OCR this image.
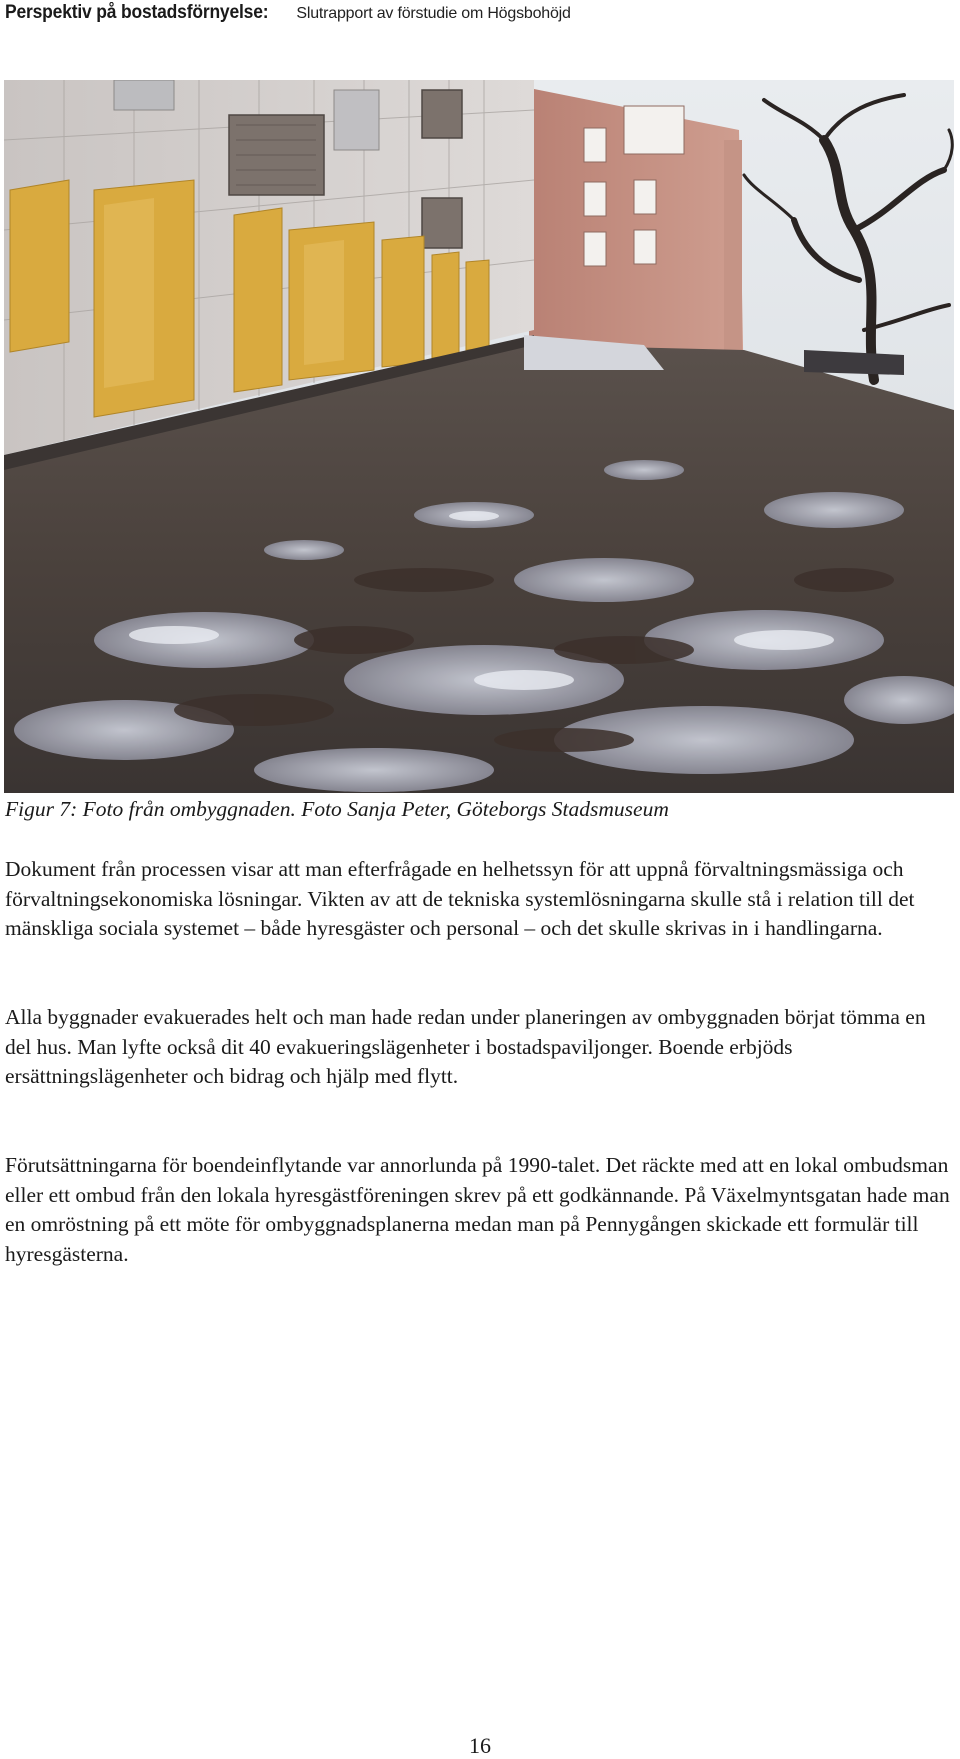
Perspektiv på bostadsförnyelse: Slutrapport av förstudie om Högsbohöjd
Figur 7: Foto från ombyggnaden. Foto Sanja Peter, Göteborgs Stadsmuseum

Dokument från processen visar att man efterfrågade en helhetssyn för att uppnå förvaltningsmässiga och förvaltningsekonomiska lösningar. Vikten av att de tekniska systemlösningarna skulle stå i relation till det mänskliga sociala systemet – både hyresgäster och personal – och det skulle skrivas in i handlingarna.

Alla byggnader evakuerades helt och man hade redan under planeringen av ombyggnaden börjat tömma en del hus. Man lyfte också dit 40 evakueringslägenheter i bostadspaviljonger. Boende erbjöds ersättningslägenheter och bidrag och hjälp med flytt.

Förutsättningarna för boendeinflytande var annorlunda på 1990-talet. Det räckte med att en lokal ombudsman eller ett ombud från den lokala hyresgästföreningen skrev på ett godkännande. På Växelmyntsgatan hade man en omröstning på ett möte för ombyggnadsplanerna medan man på Pennygången skickade ett formulär till hyresgästerna.

16
